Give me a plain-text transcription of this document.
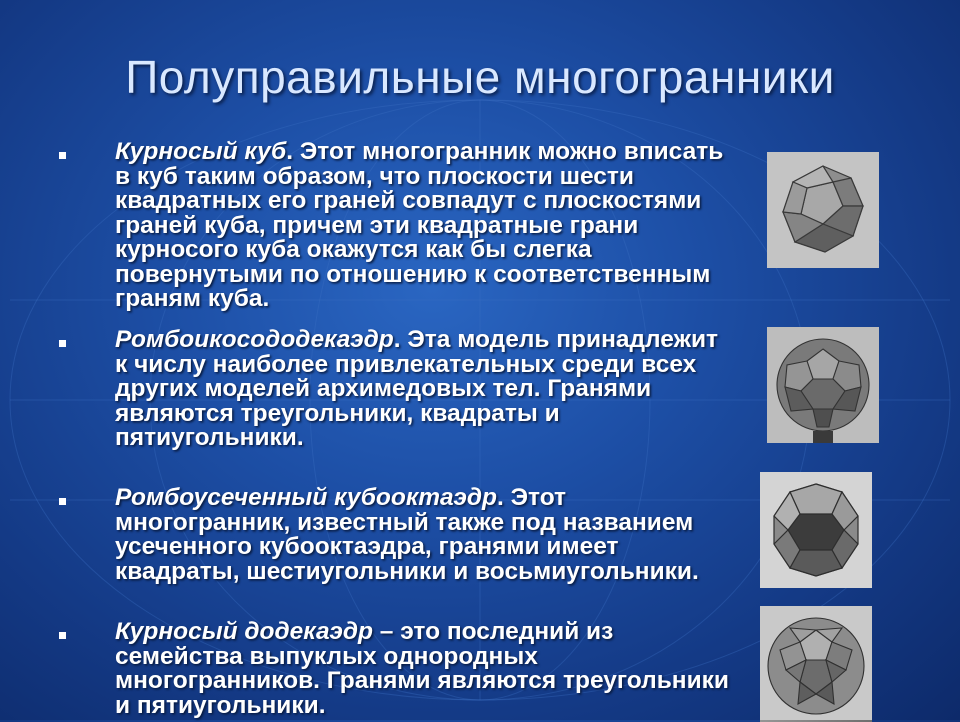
Полуправильные многогранники
Курносый куб. Этот многогранник можно вписать в куб таким образом, что плоскости шести квадратных его граней совпадут с плоскостями граней куба, причем эти квадратные грани курносого куба окажутся как бы слегка повернутыми по отношению к соответственным граням куба.
Ромбоикосододекаэдр. Эта модель принадлежит к числу наиболее привлекательных среди всех других моделей архимедовых тел. Гранями являются треугольники, квадраты и пятиугольники.
Ромбоусеченный кубооктаэдр. Этот многогранник, известный также под названием усеченного кубооктаэдра, гранями имеет квадраты, шестиугольники и восьмиугольники.
Курносый додекаэдр – это последний из семейства выпуклых однородных многогранников. Гранями являются треугольники и пятиугольники.
